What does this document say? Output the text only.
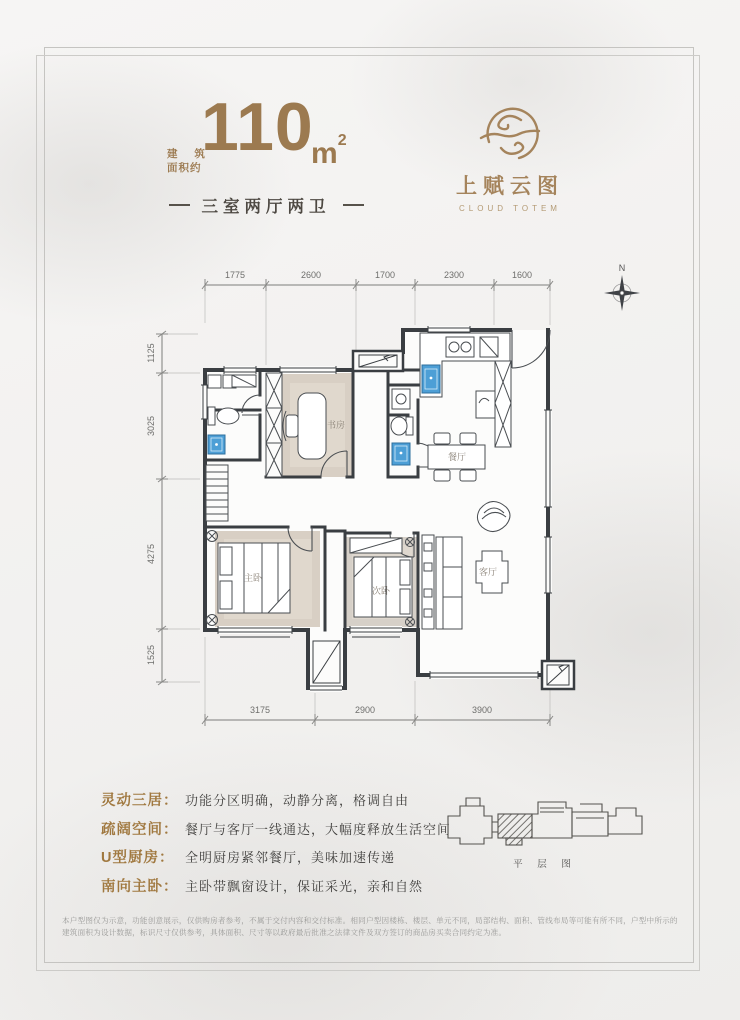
建 筑
面积约
110
$m^2$
三室两厅两卫
上赋云图
CLOUD TOTEM
N
1775	2600	1700	2300	1600
1125
3025
4275
1525
3175	2900	3900
书房
餐厅
主卧
次卧
客厅
灵动三居： 功能分区明确，动静分离，格调自由
疏阔空间： 餐厅与客厅一线通达，大幅度释放生活空间
U型厨房： 全明厨房紧邻餐厅，美味加速传递
南向主卧： 主卧带飘窗设计，保证采光，亲和自然
平 层 图
本户型图仅为示意，功能创意展示，仅供购房者参考，不属于交付内容和交付标准。相同户型因楼栋、楼层、单元不同，局部结构、面积、管线布局等可能有所不同，户型中所示的建筑面积为设计数据，标识尺寸仅供参考，具体面积、尺寸等以政府最后批准之法律文件及双方签订的商品房买卖合同约定为准。
